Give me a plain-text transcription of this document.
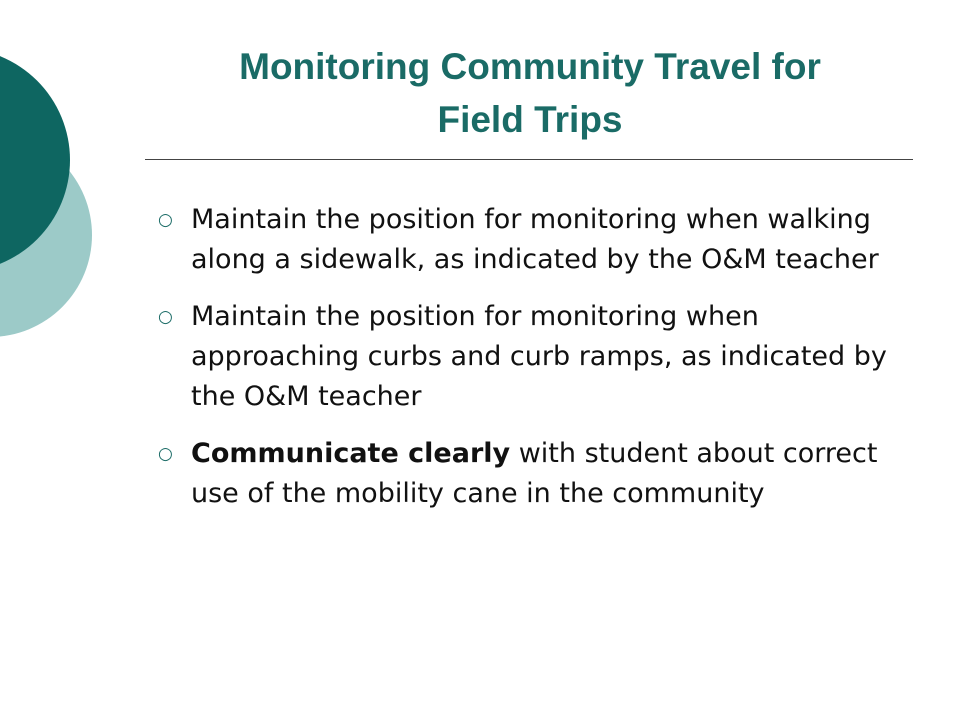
Monitoring Community Travel for
Field Trips
○ Maintain the position for monitoring when walking along a sidewalk, as indicated by the O&M teacher
○ Maintain the position for monitoring when approaching curbs and curb ramps, as indicated by the O&M teacher
○ Communicate clearly with student about correct use of the mobility cane in the community
